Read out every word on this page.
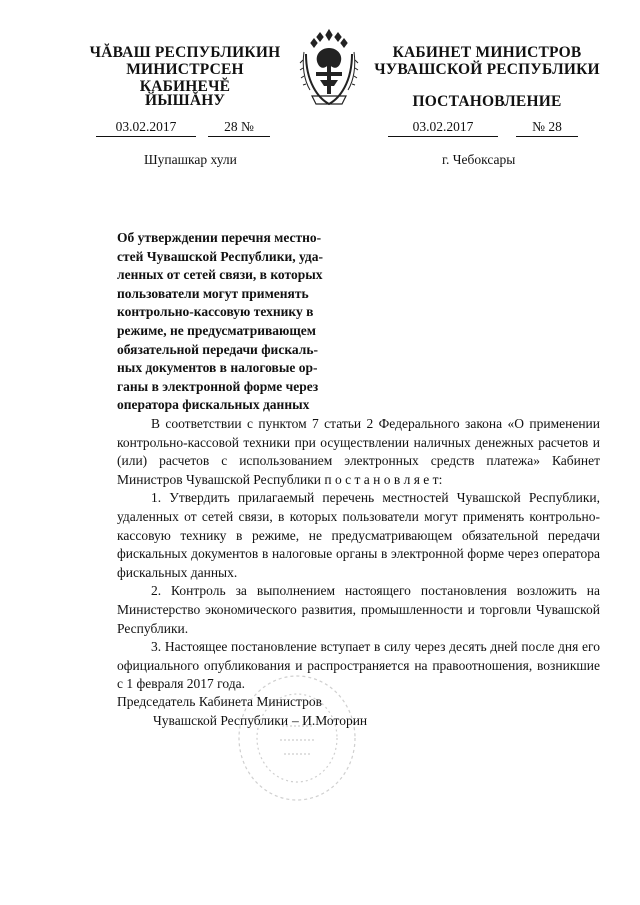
ЧĂВАШ РЕСПУБЛИКИН
МИНИСТРСЕН КАБИНЕЧĔ
ЙЫШĂНУ
КАБИНЕТ МИНИСТРОВ
ЧУВАШСКОЙ РЕСПУБЛИКИ
ПОСТАНОВЛЕНИЕ
03.02.2017	28 №	03.02.2017	№ 28
Шупашкар хули	г. Чебоксары
Об утверждении перечня местно-
стей Чувашской Республики, уда-
ленных от сетей связи, в которых
пользователи могут применять
контрольно-кассовую технику в
режиме, не предусматривающем
обязательной передачи фискаль-
ных документов в налоговые ор-
ганы в электронной форме через
оператора фискальных данных

В соответствии с пунктом 7 статьи 2 Федерального закона «О применении контрольно-кассовой техники при осуществлении наличных денежных расчетов и (или) расчетов с использованием электронных средств платежа» Кабинет Министров Чувашской Республики п о с т а н о в л я е т:

1. Утвердить прилагаемый перечень местностей Чувашской Республики, удаленных от сетей связи, в которых пользователи могут применять контрольно-кассовую технику в режиме, не предусматривающем обязательной передачи фискальных документов в налоговые органы в электронной форме через оператора фискальных данных.

2. Контроль за выполнением настоящего постановления возложить на Министерство экономического развития, промышленности и торговли Чувашской Республики.

3. Настоящее постановление вступает в силу через десять дней после дня его официального опубликования и распространяется на правоотношения, возникшие с 1 февраля 2017 года.

Председатель Кабинета Министров
Чувашской Республики – И.Моторин
